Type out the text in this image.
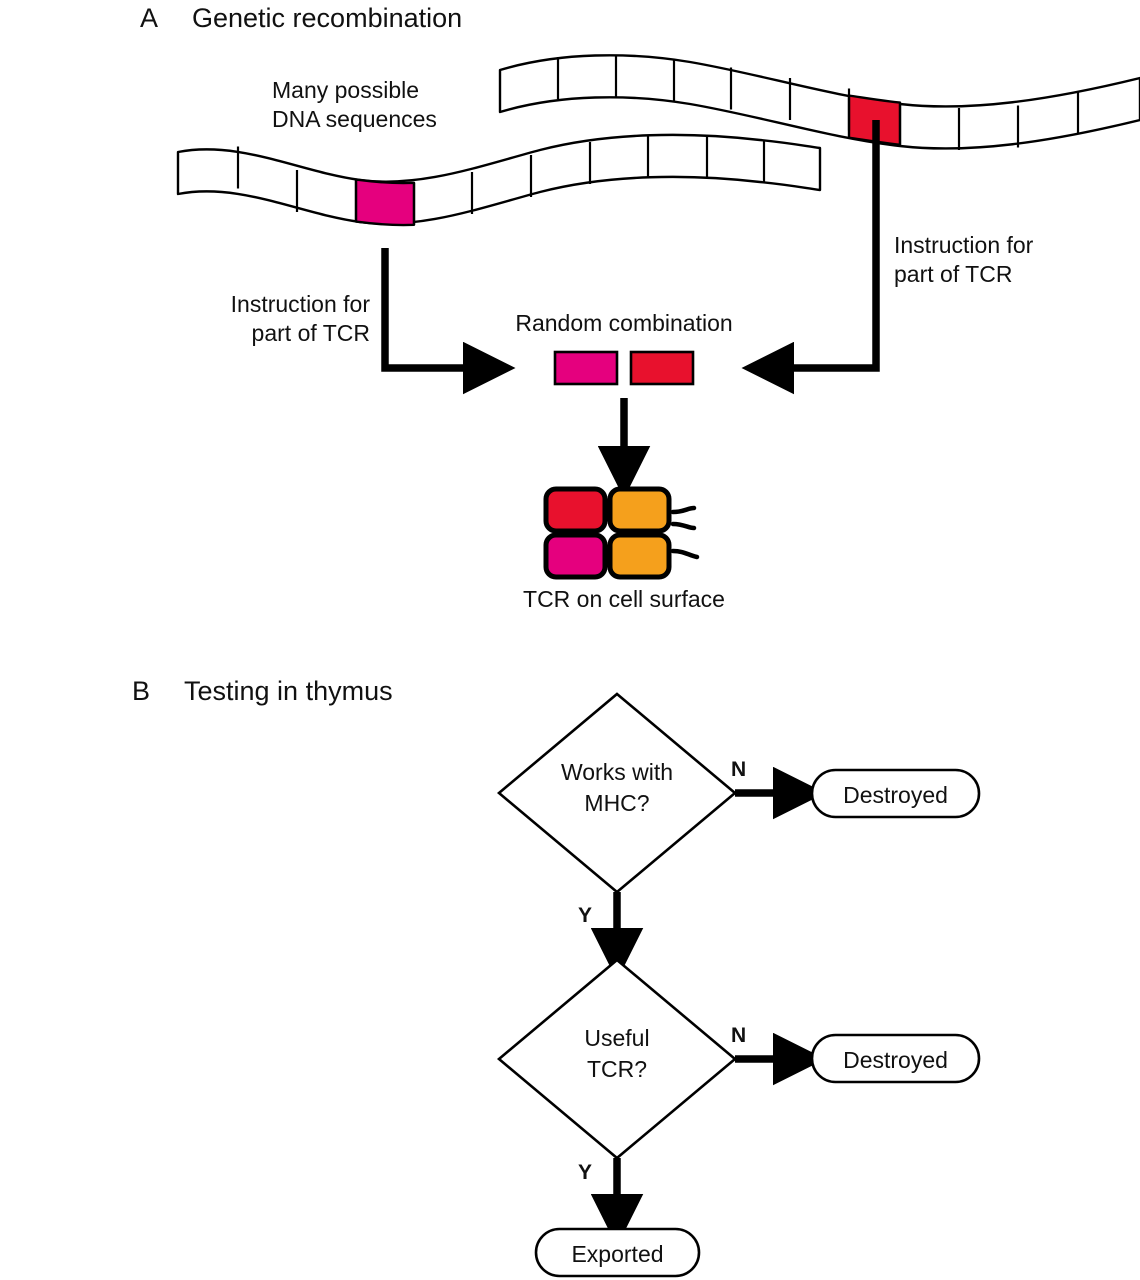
A Genetic recombination
Many possible
DNA sequences
Instruction for
part of TCR
Instruction for
part of TCR
Random combination
TCR on cell surface
B Testing in thymus
Works with
MHC?
N
Y
Destroyed
Useful
TCR?
N
Y
Destroyed
Exported
